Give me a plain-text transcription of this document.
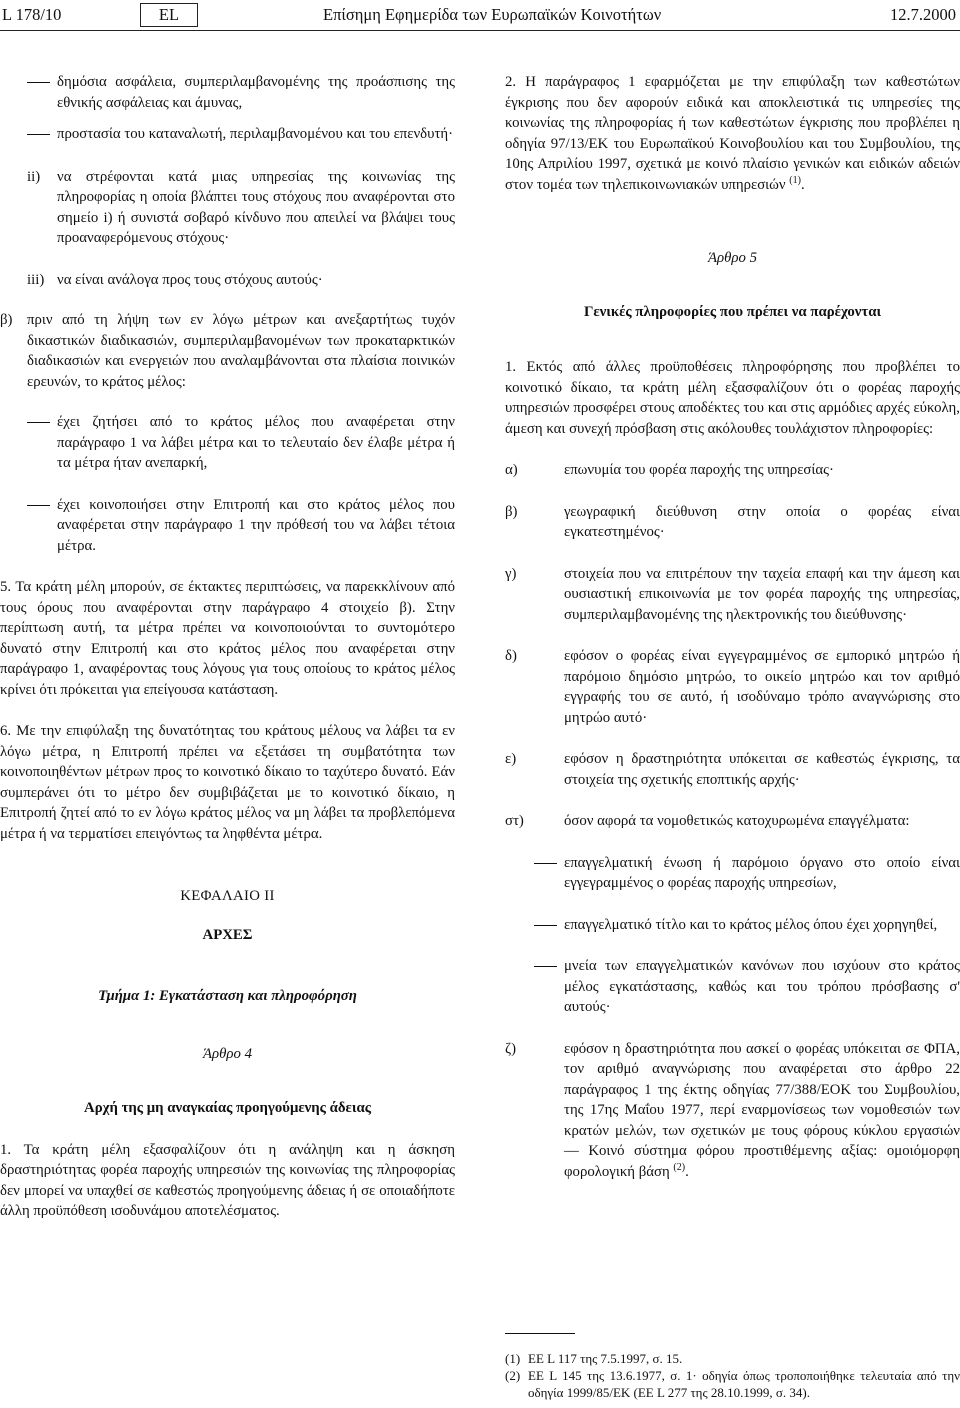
L 178/10	EL	Επίσημη Εφημερίδα των Ευρωπαϊκών Κοινοτήτων	12.7.2000

δημόσια ασφάλεια, συμπεριλαμβανομένης της προάσπισης της εθνικής ασφάλειας και άμυνας,

προστασία του καταναλωτή, περιλαμβανομένου και του επενδυτή·

ii) να στρέφονται κατά μιας υπηρεσίας της κοινωνίας της πληροφορίας η οποία βλάπτει τους στόχους που αναφέρονται στο σημείο i) ή συνιστά σοβαρό κίνδυνο που απειλεί να βλάψει τους προαναφερόμενους στόχους·

iii) να είναι ανάλογα προς τους στόχους αυτούς·

β) πριν από τη λήψη των εν λόγω μέτρων και ανεξαρτήτως τυχόν δικαστικών διαδικασιών, συμπεριλαμβανομένων των προκαταρκτικών διαδικασιών και ενεργειών που αναλαμβάνονται στα πλαίσια ποινικών ερευνών, το κράτος μέλος:

έχει ζητήσει από το κράτος μέλος που αναφέρεται στην παράγραφο 1 να λάβει μέτρα και το τελευταίο δεν έλαβε μέτρα ή τα μέτρα ήταν ανεπαρκή,

έχει κοινοποιήσει στην Επιτροπή και στο κράτος μέλος που αναφέρεται στην παράγραφο 1 την πρόθεσή του να λάβει τέτοια μέτρα.

5. Τα κράτη μέλη μπορούν, σε έκτακτες περιπτώσεις, να παρεκκλίνουν από τους όρους που αναφέρονται στην παράγραφο 4 στοιχείο β). Στην περίπτωση αυτή, τα μέτρα πρέπει να κοινοποιούνται το συντομότερο δυνατό στην Επιτροπή και στο κράτος μέλος που αναφέρεται στην παράγραφο 1, αναφέροντας τους λόγους για τους οποίους το κράτος μέλος κρίνει ότι πρόκειται για επείγουσα κατάσταση.

6. Με την επιφύλαξη της δυνατότητας του κράτους μέλους να λάβει τα εν λόγω μέτρα, η Επιτροπή πρέπει να εξετάσει τη συμβατότητα των κοινοποιηθέντων μέτρων προς το κοινοτικό δίκαιο το ταχύτερο δυνατό. Εάν συμπεράνει ότι το μέτρο δεν συμβιβάζεται με το κοινοτικό δίκαιο, η Επιτροπή ζητεί από το εν λόγω κράτος μέλος να μη λάβει τα προβλεπόμενα μέτρα ή να τερματίσει επειγόντως τα ληφθέντα μέτρα.

ΚΕΦΑΛΑΙΟ II

ΑΡΧΕΣ

Τμήμα 1: Εγκατάσταση και πληροφόρηση

Άρθρο 4

Αρχή της μη αναγκαίας προηγούμενης άδειας

1. Τα κράτη μέλη εξασφαλίζουν ότι η ανάληψη και η άσκηση δραστηριότητας φορέα παροχής υπηρεσιών της κοινωνίας της πληροφορίας δεν μπορεί να υπαχθεί σε καθεστώς προηγούμενης άδειας ή σε οποιαδήποτε άλλη προϋπόθεση ισοδυνάμου αποτελέσματος.

2. Η παράγραφος 1 εφαρμόζεται με την επιφύλαξη των καθεστώτων έγκρισης που δεν αφορούν ειδικά και αποκλειστικά τις υπηρεσίες της κοινωνίας της πληροφορίας ή των καθεστώτων έγκρισης που προβλέπει η οδηγία 97/13/ΕΚ του Ευρωπαϊκού Κοινοβουλίου και του Συμβουλίου, της 10ης Απριλίου 1997, σχετικά με κοινό πλαίσιο γενικών και ειδικών αδειών στον τομέα των τηλεπικοινωνιακών υπηρεσιών $^{(1)}$.

Άρθρο 5

Γενικές πληροφορίες που πρέπει να παρέχονται

1. Εκτός από άλλες προϋποθέσεις πληροφόρησης που προβλέπει το κοινοτικό δίκαιο, τα κράτη μέλη εξασφαλίζουν ότι ο φορέας παροχής υπηρεσιών προσφέρει στους αποδέκτες του και στις αρμόδιες αρχές εύκολη, άμεση και συνεχή πρόσβαση στις ακόλουθες τουλάχιστον πληροφορίες:

α)	επωνυμία του φορέα παροχής της υπηρεσίας·

β)	γεωγραφική διεύθυνση στην οποία ο φορέας είναι εγκατεστημένος·

γ)	στοιχεία που να επιτρέπουν την ταχεία επαφή και την άμεση και ουσιαστική επικοινωνία με τον φορέα παροχής της υπηρεσίας, συμπεριλαμβανομένης της ηλεκτρονικής του διεύθυνσης·

δ)	εφόσον ο φορέας είναι εγγεγραμμένος σε εμπορικό μητρώο ή παρόμοιο δημόσιο μητρώο, το οικείο μητρώο και τον αριθμό εγγραφής του σε αυτό, ή ισοδύναμο τρόπο αναγνώρισης στο μητρώο αυτό·

ε)	εφόσον η δραστηριότητα υπόκειται σε καθεστώς έγκρισης, τα στοιχεία της σχετικής εποπτικής αρχής·

στ)	όσον αφορά τα νομοθετικώς κατοχυρωμένα επαγγέλματα:

επαγγελματική ένωση ή παρόμοιο όργανο στο οποίο είναι εγγεγραμμένος ο φορέας παροχής υπηρεσίων,

επαγγελματικό τίτλο και το κράτος μέλος όπου έχει χορηγηθεί,

μνεία των επαγγελματικών κανόνων που ισχύουν στο κράτος μέλος εγκατάστασης, καθώς και του τρόπου πρόσβασης σ' αυτούς·

ζ)	εφόσον η δραστηριότητα που ασκεί ο φορέας υπόκειται σε ΦΠΑ, τον αριθμό αναγνώρισης που αναφέρεται στο άρθρο 22 παράγραφος 1 της έκτης οδηγίας 77/388/ΕΟΚ του Συμβουλίου, της 17ης Μαΐου 1977, περί εναρμονίσεως των νομοθεσιών των κρατών μελών, των σχετικών με τους φόρους κύκλου εργασιών — Κοινό σύστημα φόρου προστιθέμενης αξίας: ομοιόμορφη φορολογική βάση $^{(2)}$.

(1) ΕΕ L 117 της 7.5.1997, σ. 15.

(2) ΕΕ L 145 της 13.6.1977, σ. 1· οδηγία όπως τροποποιήθηκε τελευταία από την οδηγία 1999/85/ΕΚ (ΕΕ L 277 της 28.10.1999, σ. 34).
